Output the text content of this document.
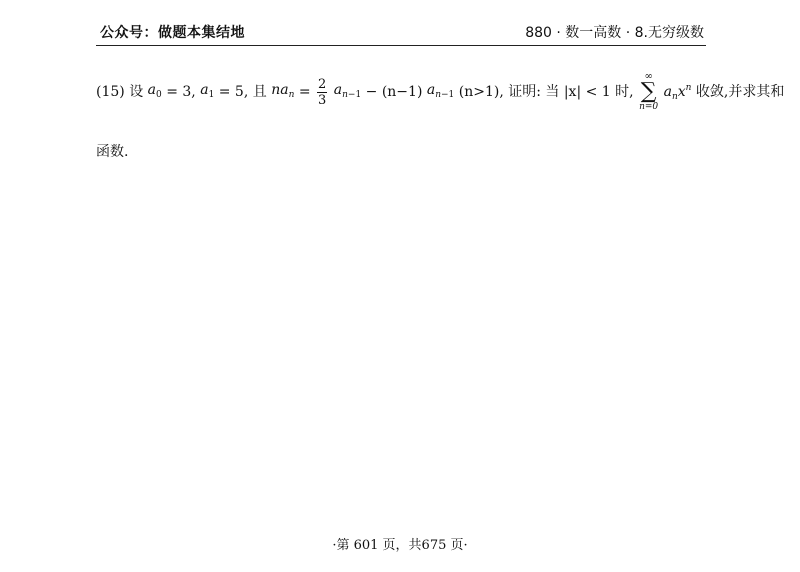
公众号：做题本集结地	880 · 数一高数 · 8.无穷级数
(15) 设 $a_0 = 3$, $a_1 = 5$, 且 $na_n = \frac{2}{3} a_{n-1} - (n-1)$ $a_{n-1}$ (n>1), 证明: 当 |x| < 1 时,
∞
∑
n=0
$a_nx^n$ 收敛,并求其和
函数.
·第 601 页，共675 页·
